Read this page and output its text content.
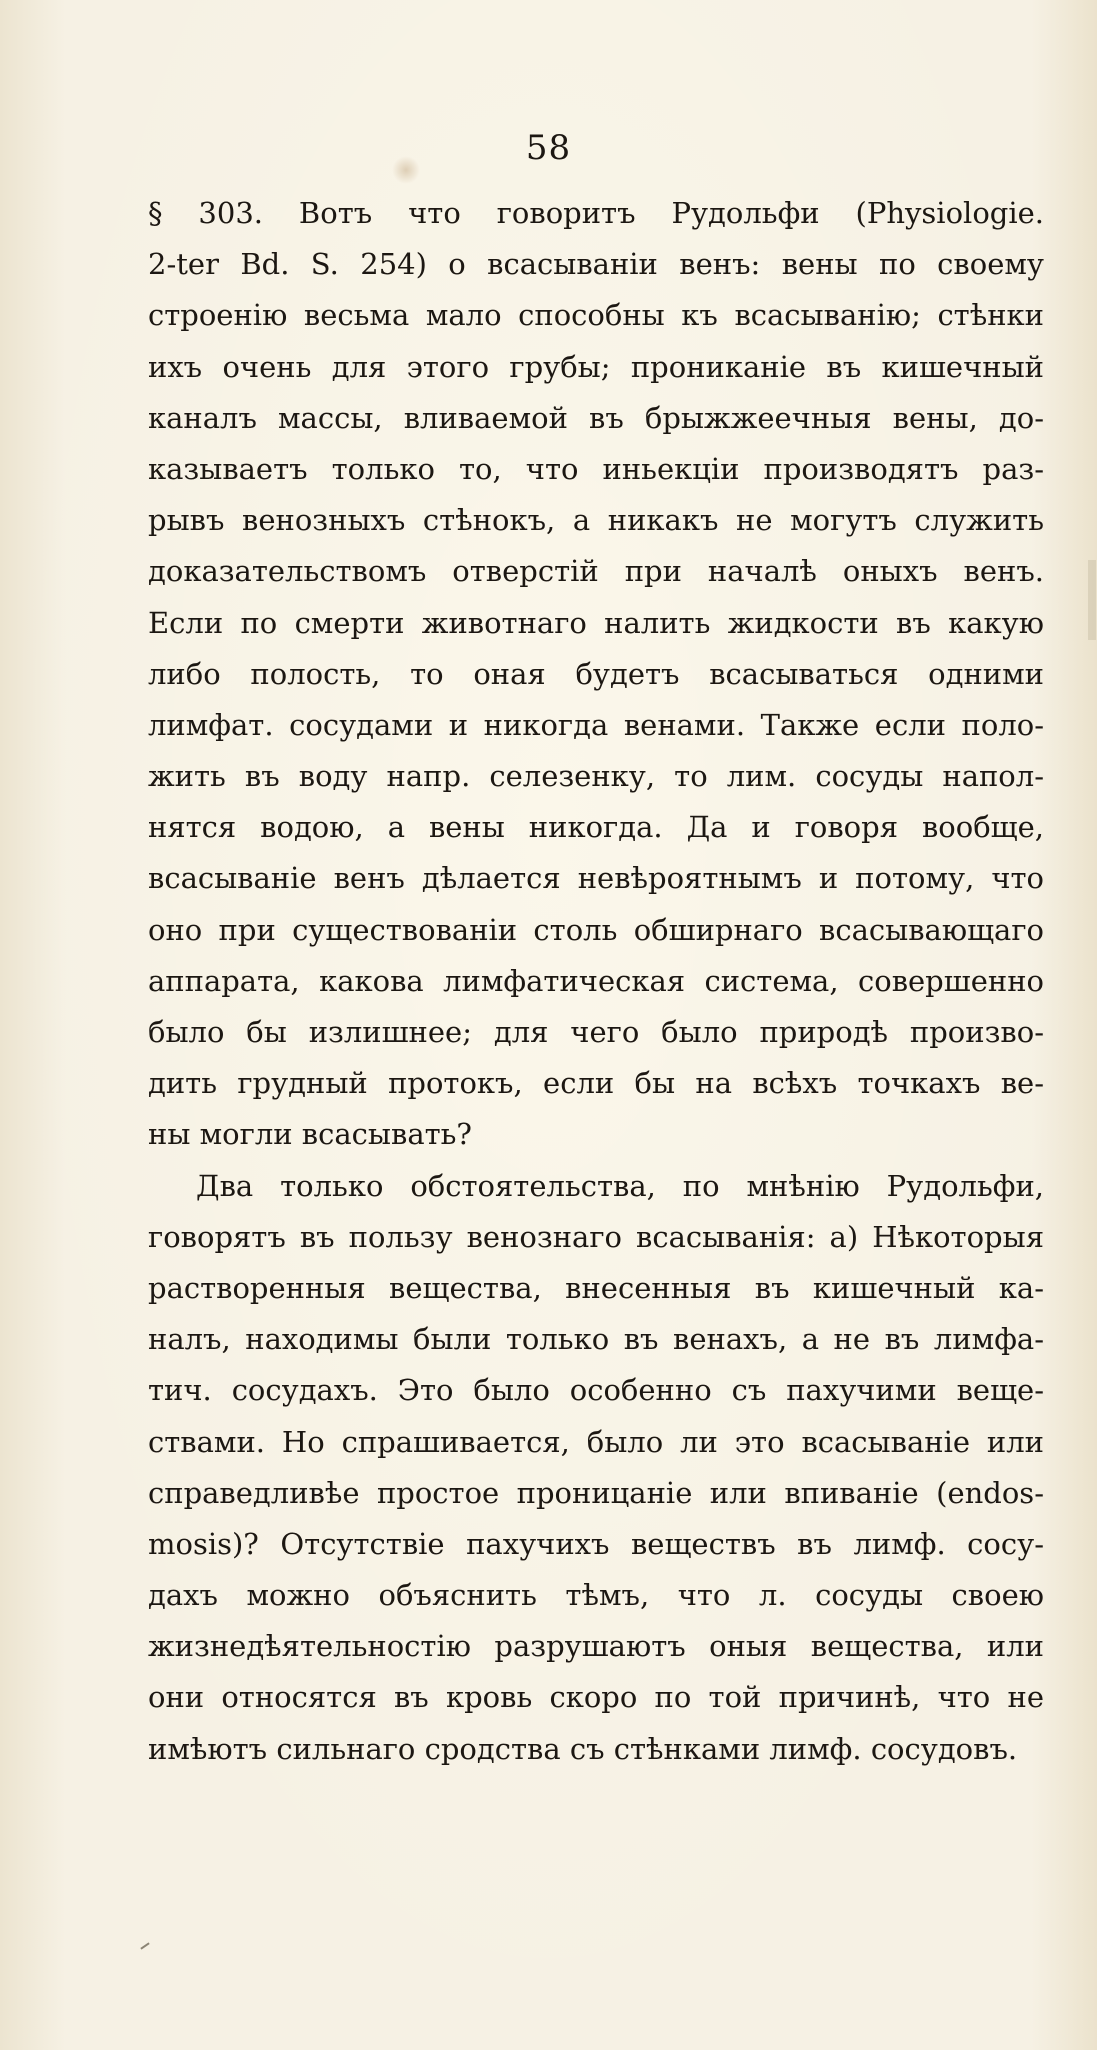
58
§ 303. Вотъ что говоритъ Рудольфи (Physiologie.
2-ter Bd. S. 254) о всасываніи венъ: вены по своему
строенію весьма мало способны къ всасыванію; стѣнки
ихъ очень для этого грубы; прониканіе въ кишечный
каналъ массы, вливаемой въ брыжжеечныя вены, до-
казываетъ только то, что иньекціи производятъ раз-
рывъ венозныхъ стѣнокъ, а никакъ не могутъ служить
доказательствомъ отверстій при началѣ оныхъ венъ.
Если по смерти животнаго налить жидкости въ какую
либо полость, то оная будетъ всасываться одними
лимфат. сосудами и никогда венами. Также если поло-
жить въ воду напр. селезенку, то лим. сосуды напол-
нятся водою, а вены никогда. Да и говоря вообще,
всасываніе венъ дѣлается невѣроятнымъ и потому, что
оно при существованіи столь обширнаго всасывающаго
аппарата, какова лимфатическая система, совершенно
было бы излишнее; для чего было природѣ произво-
дить грудный протокъ, если бы на всѣхъ точкахъ ве-
ны могли всасывать?
Два только обстоятельства, по мнѣнію Рудольфи,
говорятъ въ пользу венознаго всасыванія: а) Нѣкоторыя
растворенныя вещества, внесенныя въ кишечный ка-
налъ, находимы были только въ венахъ, а не въ лимфа-
тич. сосудахъ. Это было особенно съ пахучими веще-
ствами. Но спрашивается, было ли это всасываніе или
справедливѣе простое проницаніе или впиваніе (endos-
mosis)? Отсутствіе пахучихъ веществъ въ лимф. сосу-
дахъ можно объяснить тѣмъ, что л. сосуды своею
жизнедѣятельностію разрушаютъ оныя вещества, или
они относятся въ кровь скоро по той причинѣ, что не
имѣютъ сильнаго сродства съ стѣнками лимф. сосудовъ.
